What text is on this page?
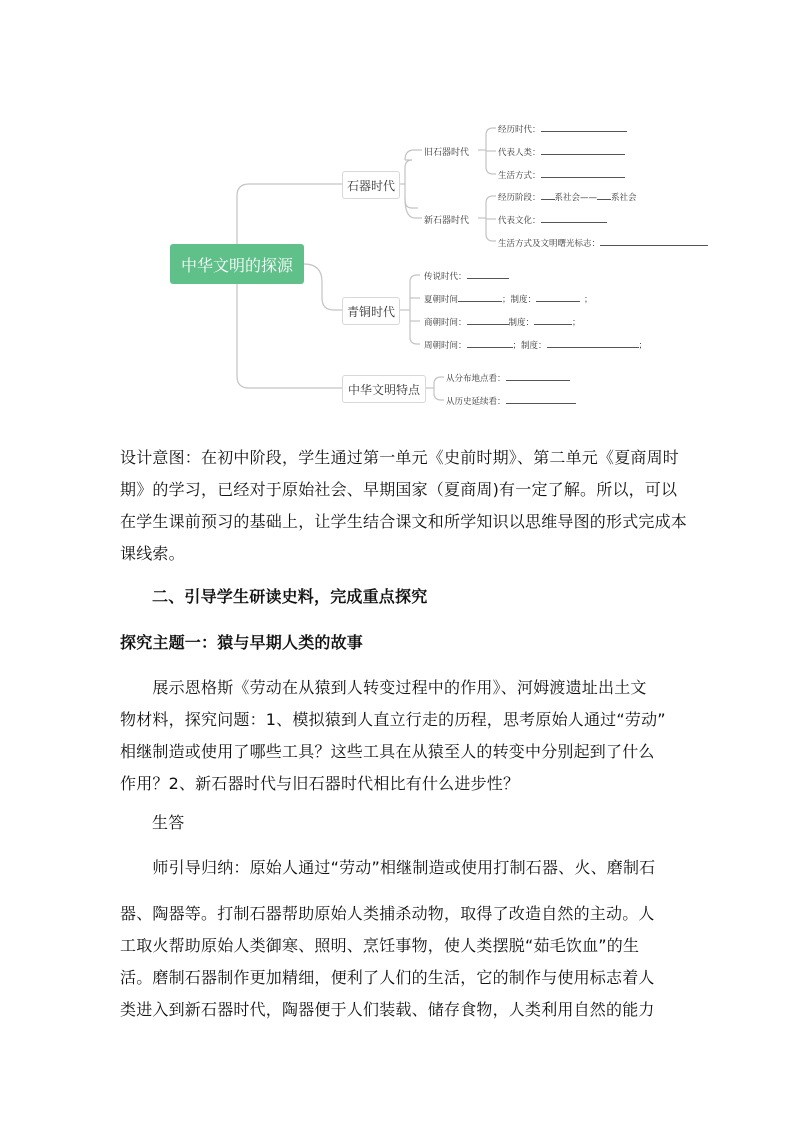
中华文明的探源
石器时代
青铜时代
中华文明特点
旧石器时代
新石器时代
经历时代：
代表人类：
生活方式：
经历阶段： 系社会—— 系社会
代表文化：
生活方式及文明曙光标志：
传说时代：
夏朝时间	；制度：	；
商朝时间：	制度：	；
周朝时间：	；制度：	；
从分布地点看：
从历史延续看：
设计意图：在初中阶段，学生通过第一单元《史前时期》、第二单元《夏商周时
期》的学习，已经对于原始社会、早期国家（夏商周)有一定了解。所以，可以
在学生课前预习的基础上，让学生结合课文和所学知识以思维导图的形式完成本
课线索。
二、引导学生研读史料，完成重点探究
探究主题一：猿与早期人类的故事
　　展示恩格斯《劳动在从猿到人转变过程中的作用》、河姆渡遗址出土文
物材料，探究问题：1、模拟猿到人直立行走的历程，思考原始人通过“劳动”
相继制造或使用了哪些工具？这些工具在从猿至人的转变中分别起到了什么
作用？2、新石器时代与旧石器时代相比有什么进步性？
生答
　　师引导归纳：原始人通过“劳动”相继制造或使用打制石器、火、磨制石
器、陶器等。打制石器帮助原始人类捕杀动物，取得了改造自然的主动。人
工取火帮助原始人类御寒、照明、烹饪事物，使人类摆脱“茹毛饮血”的生
活。磨制石器制作更加精细，便利了人们的生活，它的制作与使用标志着人
类进入到新石器时代，陶器便于人们装载、储存食物，人类利用自然的能力
